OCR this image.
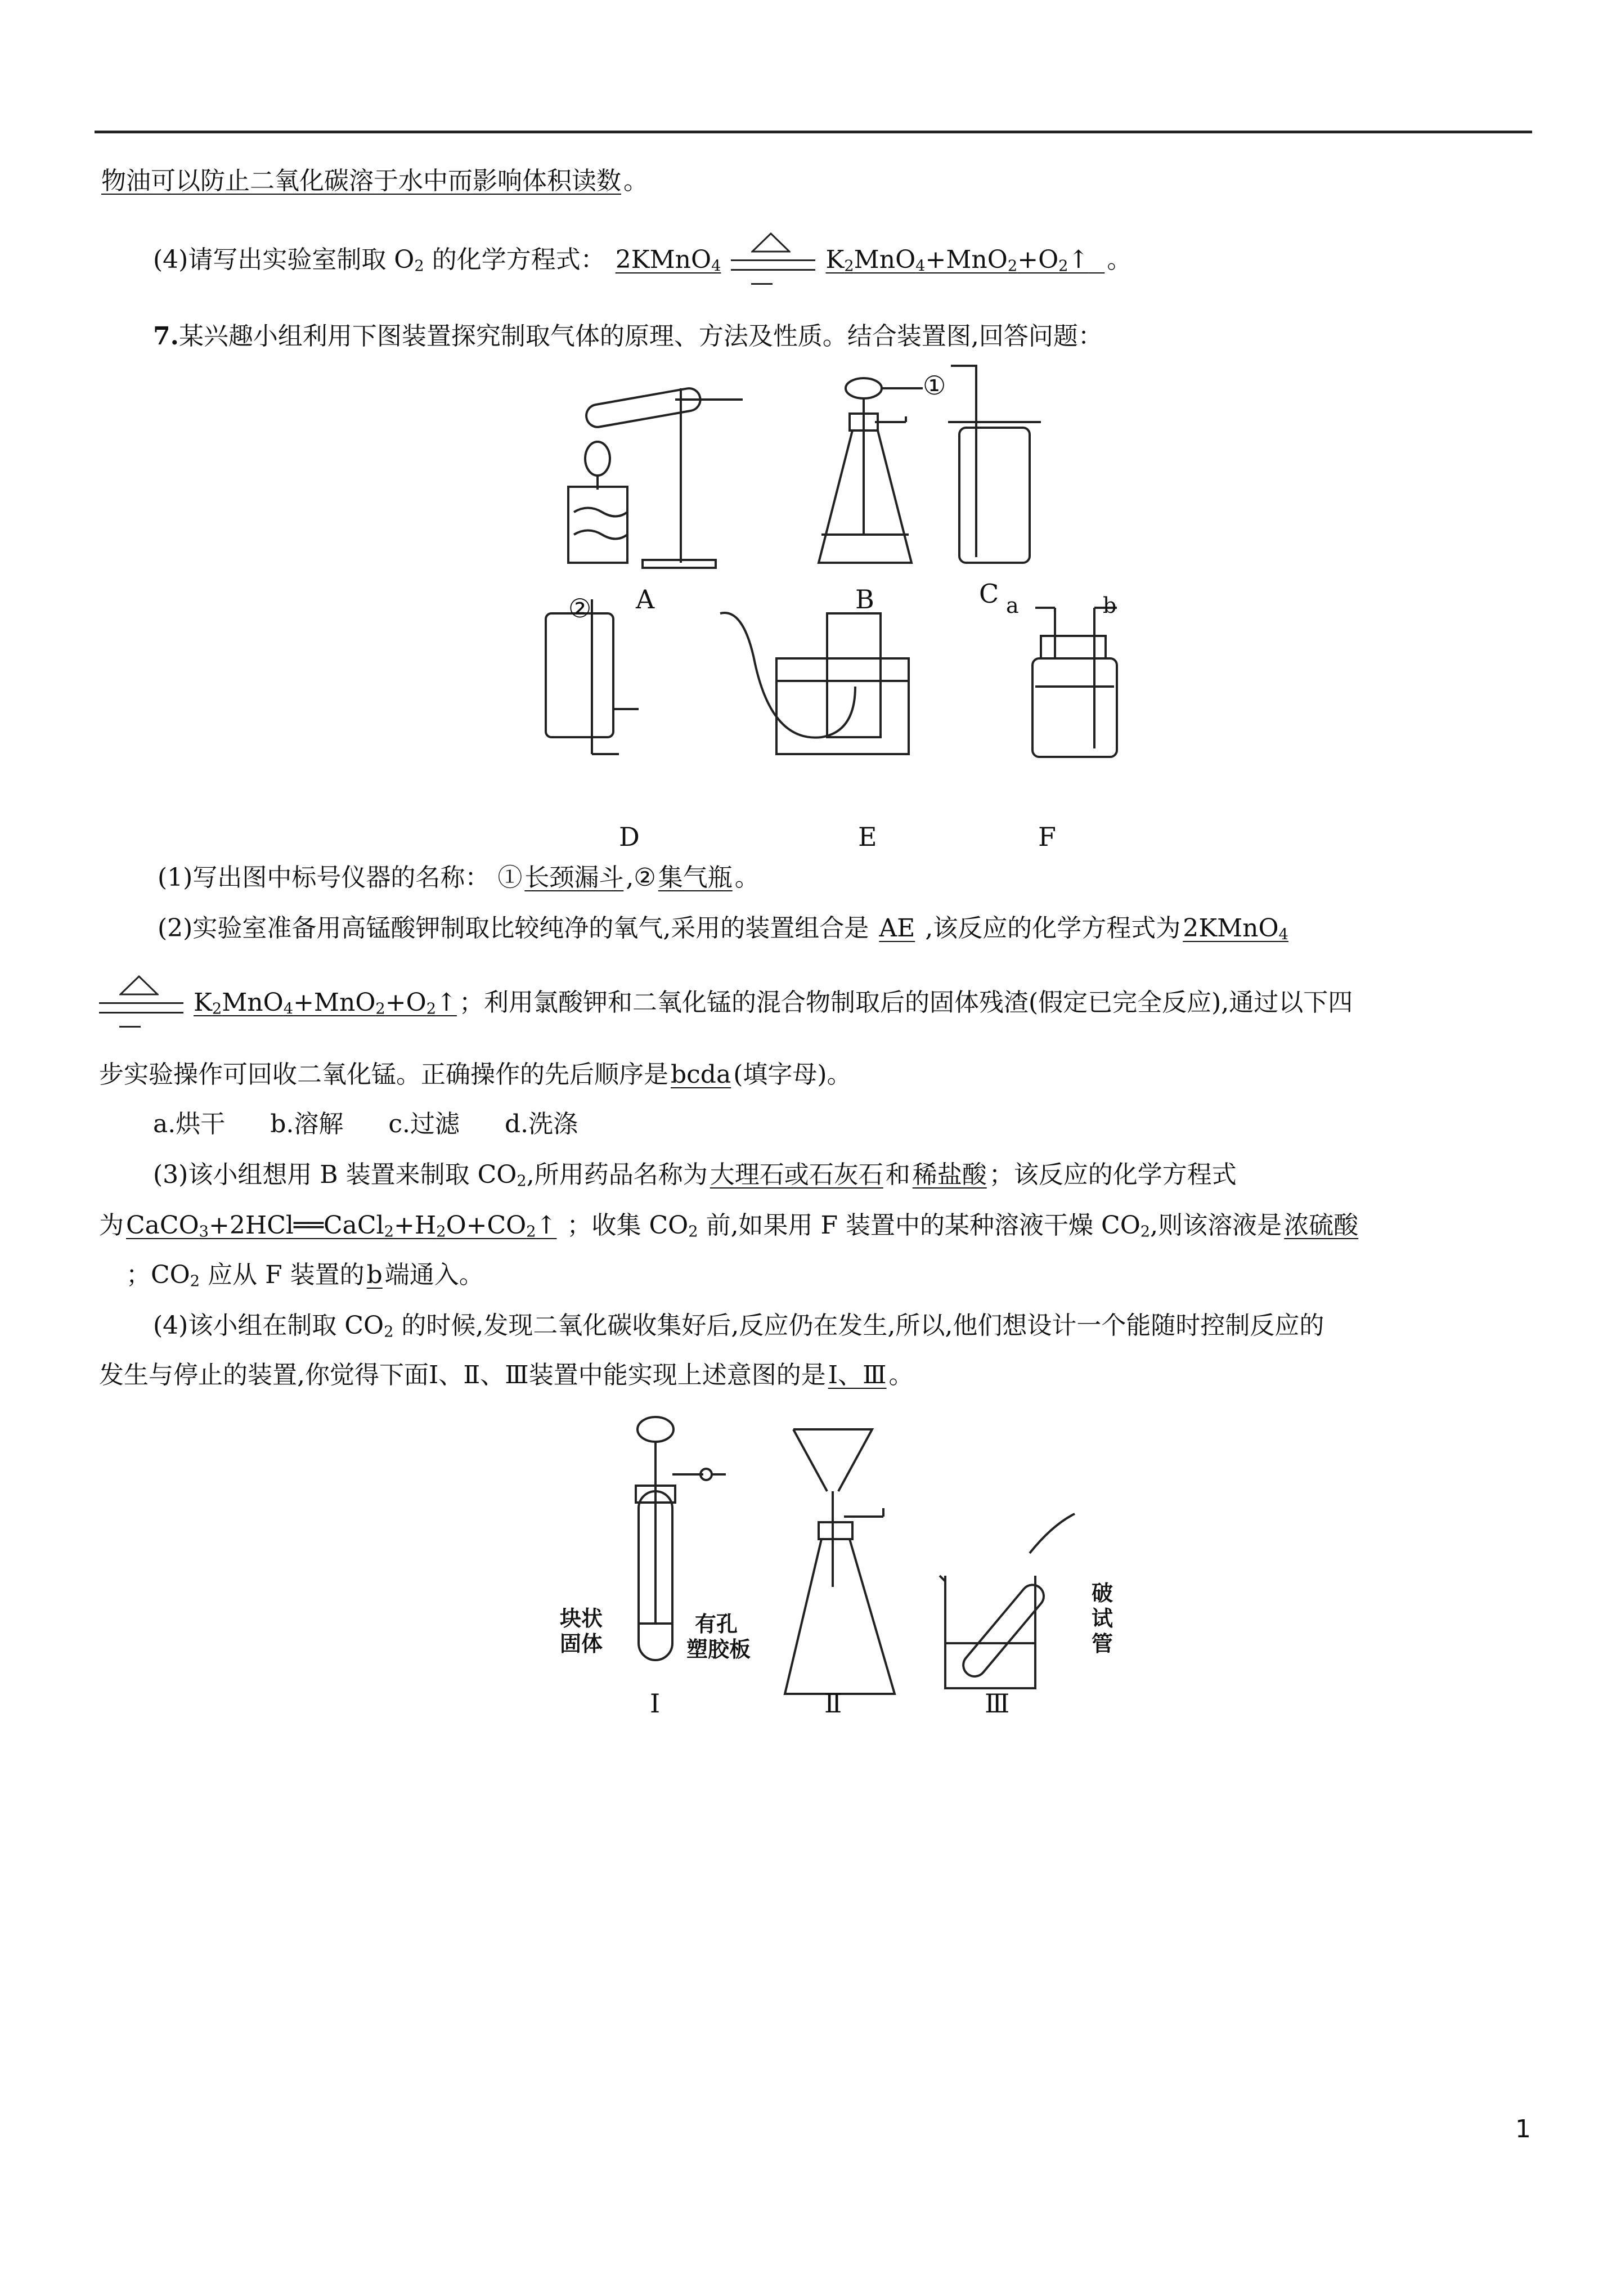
物油可以防止二氧化碳溶于水中而影响体积读数。
(4)请写出实验室制取 $O_2$ 的化学方程式： 2KMnO$_4$	$K_2MnO_4+MnO_2+O_2↑$ 。
7.某兴趣小组利用下图装置探究制取气体的原理、方法及性质。结合装置图,回答问题：
A	B	C
D	E	F
①
②	a	b
(1)写出图中标号仪器的名称： ①长颈漏斗,②集气瓶。
(2)实验室准备用高锰酸钾制取比较纯净的氧气,采用的装置组合是 AE ,该反应的化学方程式为2KMnO$_4$
$K_2MnO_4+MnO_2+O_2↑$；利用氯酸钾和二氧化锰的混合物制取后的固体残渣(假定已完全反应),通过以下四
步实验操作可回收二氧化锰。正确操作的先后顺序是bcda(填字母)。
a.烘干 b.溶解 c.过滤 d.洗涤
(3)该小组想用 B 装置来制取 $CO_2$,所用药品名称为大理石或石灰石和稀盐酸；该反应的化学方程式
为$CaCO_3+2HCl══CaCl_2+H_2O+CO_2↑$ ；收集 $CO_2$ 前,如果用 F 装置中的某种溶液干燥 $CO_2$,则该溶液是浓硫酸
；$CO_2$ 应从 F 装置的b端通入。
(4)该小组在制取 $CO_2$ 的时候,发现二氧化碳收集好后,反应仍在发生,所以,他们想设计一个能随时控制反应的
发生与停止的装置,你觉得下面Ⅰ、Ⅱ、Ⅲ装置中能实现上述意图的是Ⅰ、Ⅲ。
Ⅰ	Ⅱ	Ⅲ
块状
固体
有孔
塑胶板
破
试
管
1
